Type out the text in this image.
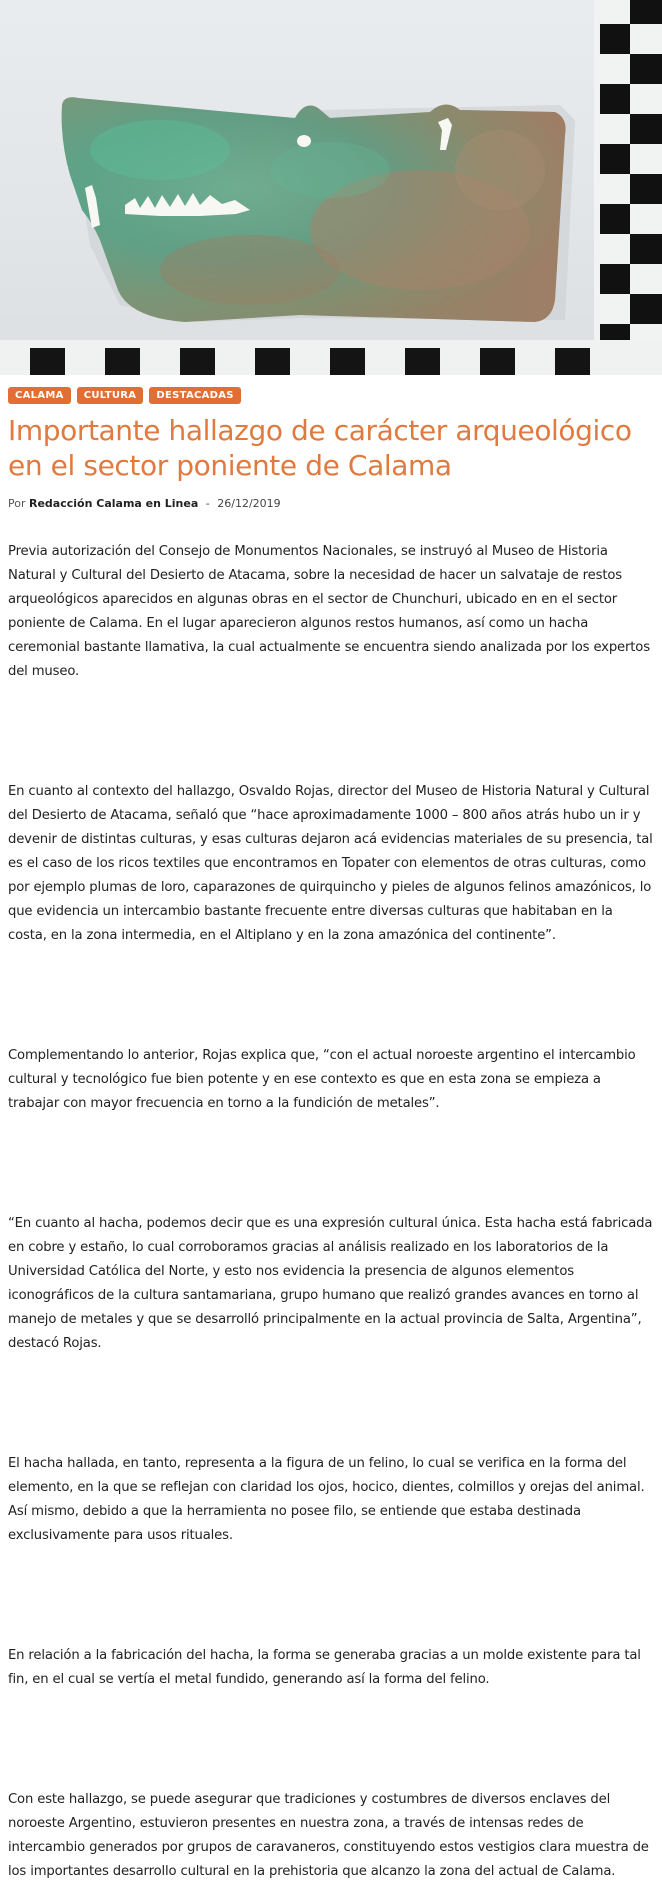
CALAMA	CULTURA	DESTACADAS
Importante hallazgo de carácter arqueológico en el sector poniente de Calama
Por Redacción Calama en Linea - 26/12/2019

Previa autorización del Consejo de Monumentos Nacionales, se instruyó al Museo de Historia Natural y Cultural del Desierto de Atacama, sobre la necesidad de hacer un salvataje de restos arqueológicos aparecidos en algunas obras en el sector de Chunchuri, ubicado en en el sector poniente de Calama. En el lugar aparecieron algunos restos humanos, así como un hacha ceremonial bastante llamativa, la cual actualmente se encuentra siendo analizada por los expertos del museo.

En cuanto al contexto del hallazgo, Osvaldo Rojas, director del Museo de Historia Natural y Cultural del Desierto de Atacama, señaló que “hace aproximadamente 1000 – 800 años atrás hubo un ir y devenir de distintas culturas, y esas culturas dejaron acá evidencias materiales de su presencia, tal es el caso de los ricos textiles que encontramos en Topater con elementos de otras culturas, como por ejemplo plumas de loro, caparazones de quirquincho y pieles de algunos felinos amazónicos, lo que evidencia un intercambio bastante frecuente entre diversas culturas que habitaban en la costa, en la zona intermedia, en el Altiplano y en la zona amazónica del continente”.

Complementando lo anterior, Rojas explica que, “con el actual noroeste argentino el intercambio cultural y tecnológico fue bien potente y en ese contexto es que en esta zona se empieza a trabajar con mayor frecuencia en torno a la fundición de metales”.

“En cuanto al hacha, podemos decir que es una expresión cultural única. Esta hacha está fabricada en cobre y estaño, lo cual corroboramos gracias al análisis realizado en los laboratorios de la Universidad Católica del Norte, y esto nos evidencia la presencia de algunos elementos iconográficos de la cultura santamariana, grupo humano que realizó grandes avances en torno al manejo de metales y que se desarrolló principalmente en la actual provincia de Salta, Argentina”, destacó Rojas.

El hacha hallada, en tanto, representa a la figura de un felino, lo cual se verifica en la forma del elemento, en la que se reflejan con claridad los ojos, hocico, dientes, colmillos y orejas del animal. Así mismo, debido a que la herramienta no posee filo, se entiende que estaba destinada exclusivamente para usos rituales.

En relación a la fabricación del hacha, la forma se generaba gracias a un molde existente para tal fin, en el cual se vertía el metal fundido, generando así la forma del felino.

Con este hallazgo, se puede asegurar que tradiciones y costumbres de diversos enclaves del noroeste Argentino, estuvieron presentes en nuestra zona, a través de intensas redes de intercambio generados por grupos de caravaneros, constituyendo estos vestigios clara muestra de los importantes desarrollo cultural en la prehistoria que alcanzo la zona del actual de Calama.
